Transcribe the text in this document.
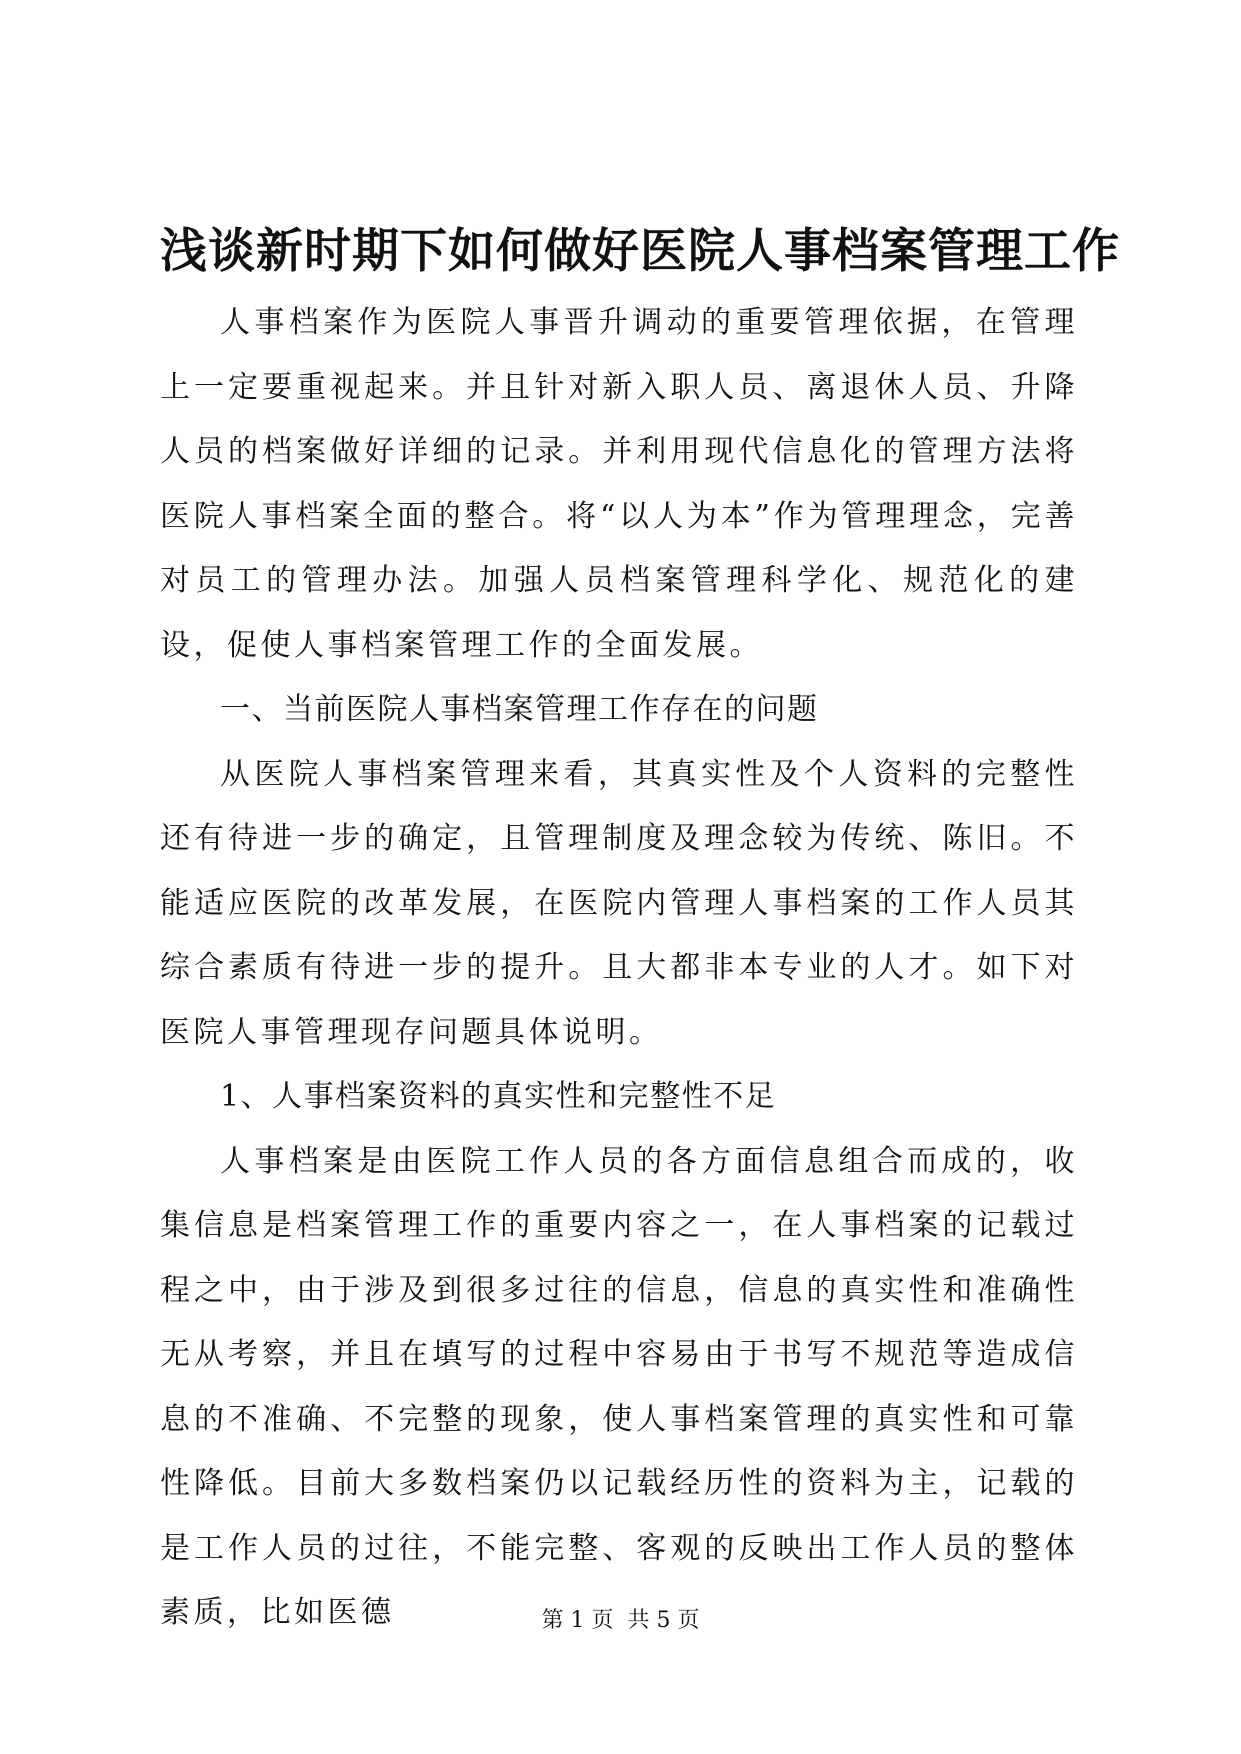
浅谈新时期下如何做好医院人事档案管理工作

人事档案作为医院人事晋升调动的重要管理依据，在管理上一定要重视起来。并且针对新入职人员、离退休人员、升降人员的档案做好详细的记录。并利用现代信息化的管理方法将医院人事档案全面的整合。将“以人为本”作为管理理念，完善对员工的管理办法。加强人员档案管理科学化、规范化的建设，促使人事档案管理工作的全面发展。

一、当前医院人事档案管理工作存在的问题

从医院人事档案管理来看，其真实性及个人资料的完整性还有待进一步的确定，且管理制度及理念较为传统、陈旧。不能适应医院的改革发展，在医院内管理人事档案的工作人员其综合素质有待进一步的提升。且大都非本专业的人才。如下对医院人事管理现存问题具体说明。

1、人事档案资料的真实性和完整性不足

人事档案是由医院工作人员的各方面信息组合而成的，收集信息是档案管理工作的重要内容之一，在人事档案的记载过程之中，由于涉及到很多过往的信息，信息的真实性和准确性无从考察，并且在填写的过程中容易由于书写不规范等造成信息的不准确、不完整的现象，使人事档案管理的真实性和可靠性降低。目前大多数档案仍以记载经历性的资料为主，记载的是工作人员的过往，不能完整、客观的反映出工作人员的整体素质，比如医德	第 1 页  共 5 页
